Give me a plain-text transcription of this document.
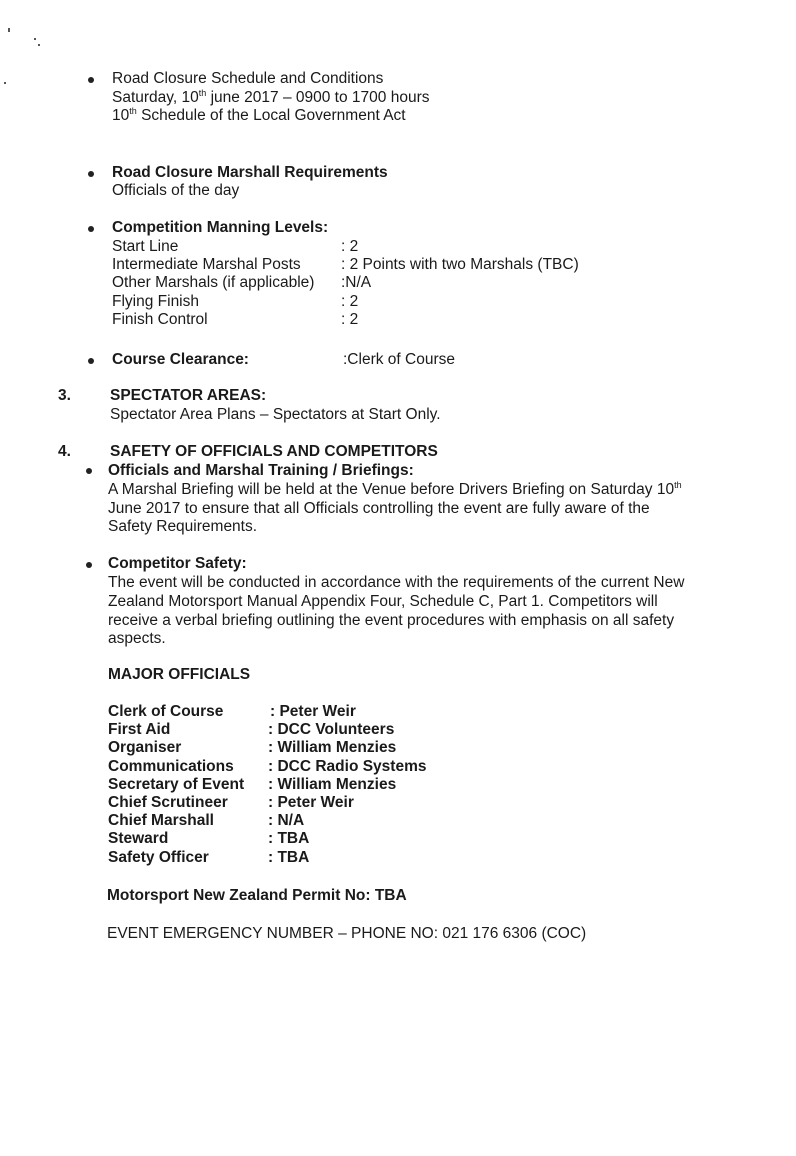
Road Closure Schedule and Conditions
Saturday, 10th june 2017 – 0900 to 1700 hours
10th Schedule of the Local Government Act
Road Closure Marshall Requirements
Officials of the day
Competition Manning Levels:
Start Line	: 2
Intermediate Marshal Posts	: 2 Points with two Marshals (TBC)
Other Marshals (if applicable) :N/A
Flying Finish	: 2
Finish Control	: 2
Course Clearance:	:Clerk of Course
3.	SPECTATOR AREAS:
Spectator Area Plans – Spectators at Start Only.
4.	SAFETY OF OFFICIALS AND COMPETITORS
Officials and Marshal Training / Briefings:
A Marshal Briefing will be held at the Venue before Drivers Briefing on Saturday 10th
June 2017 to ensure that all Officials controlling the event are fully aware of the
Safety Requirements.
Competitor Safety:
The event will be conducted in accordance with the requirements of the current New
Zealand Motorsport Manual Appendix Four, Schedule C, Part 1. Competitors will
receive a verbal briefing outlining the event procedures with emphasis on all safety
aspects.
MAJOR OFFICIALS
Clerk of Course	: Peter Weir
First Aid	: DCC Volunteers
Organiser	: William Menzies
Communications : DCC Radio Systems
Secretary of Event : William Menzies
Chief Scrutineer	: Peter Weir
Chief Marshall	: N/A
Steward	: TBA
Safety Officer	: TBA
Motorsport New Zealand Permit No: TBA
EVENT EMERGENCY NUMBER – PHONE NO: 021 176 6306 (COC)
